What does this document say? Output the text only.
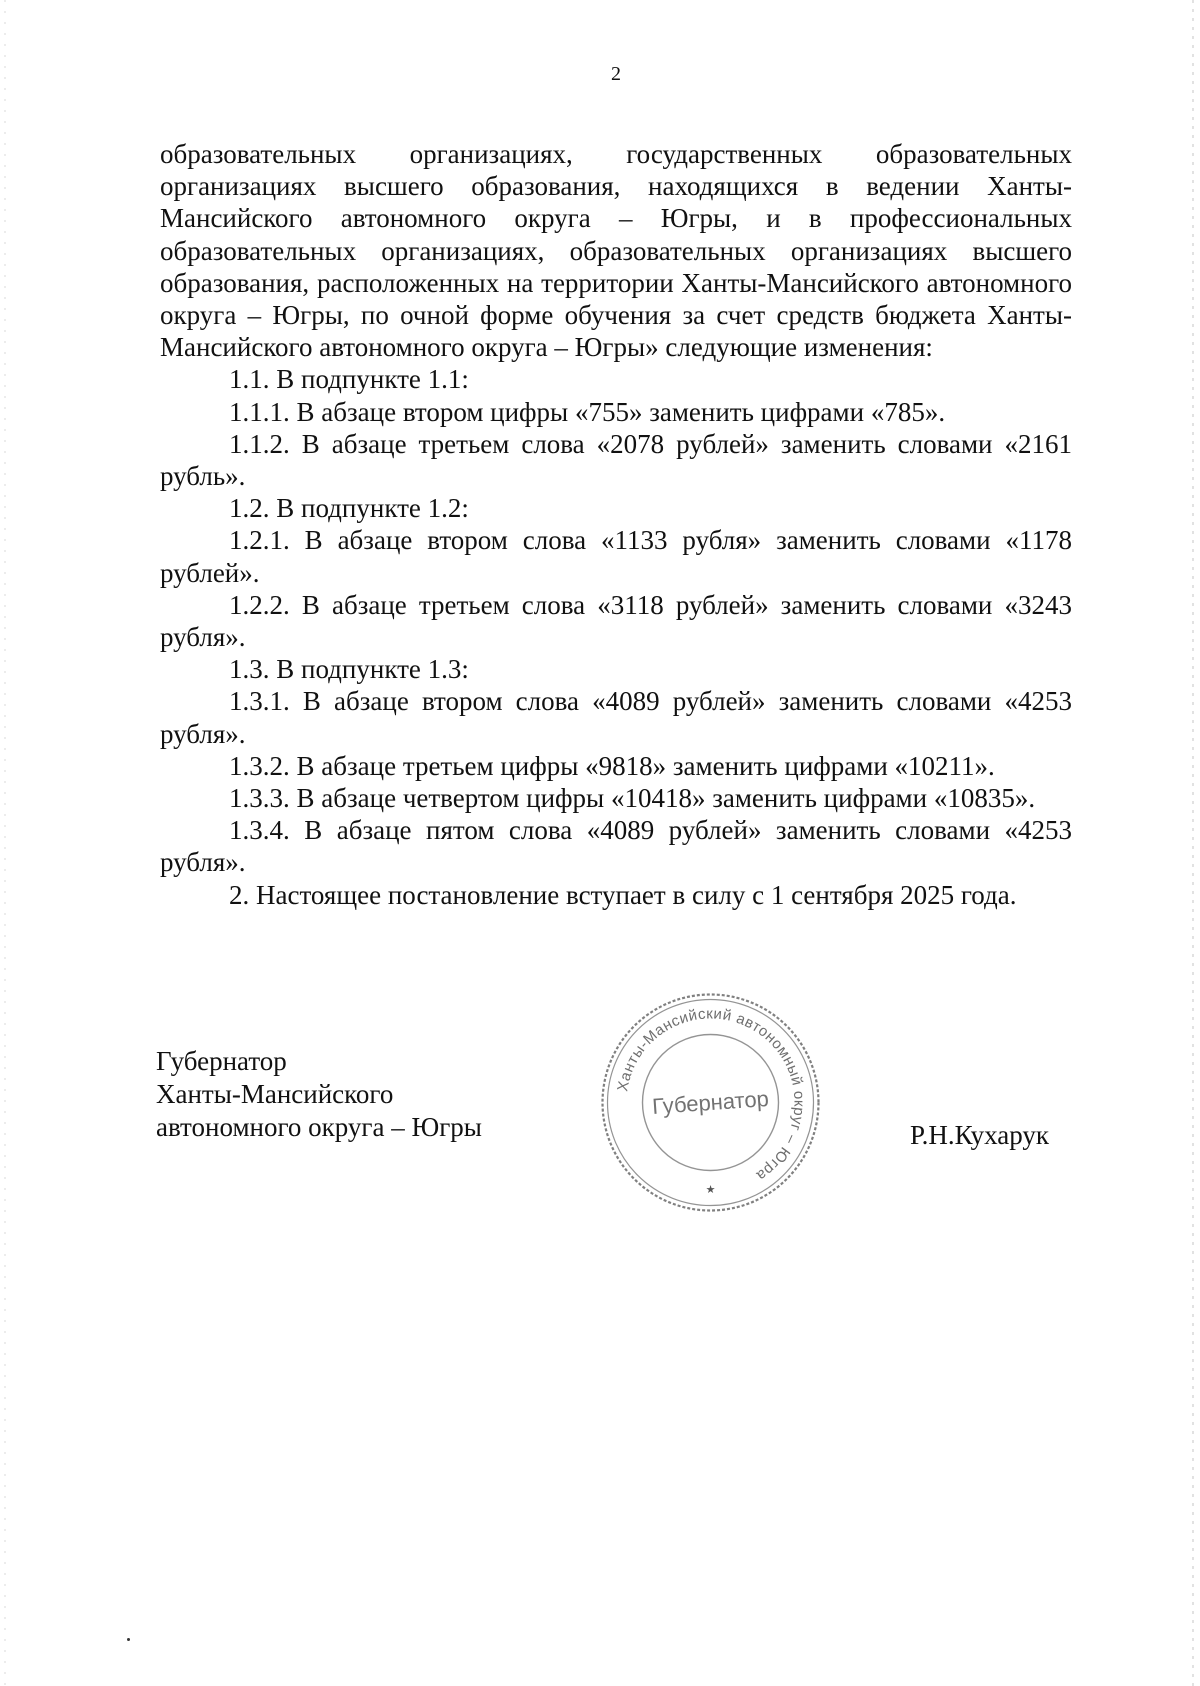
2

образовательных организациях, государственных образовательных организациях высшего образования, находящихся в ведении Ханты-Мансийского автономного округа – Югры, и в профессиональных образовательных организациях, образовательных организациях высшего образования, расположенных на территории Ханты-Мансийского автономного округа – Югры, по очной форме обучения за счет средств бюджета Ханты-Мансийского автономного округа – Югры» следующие изменения:

1.1. В подпункте 1.1:

1.1.1. В абзаце втором цифры «755» заменить цифрами «785».

1.1.2. В абзаце третьем слова «2078 рублей» заменить словами «2161 рубль».

1.2. В подпункте 1.2:

1.2.1. В абзаце втором слова «1133 рубля» заменить словами «1178 рублей».

1.2.2. В абзаце третьем слова «3118 рублей» заменить словами «3243 рубля».

1.3. В подпункте 1.3:

1.3.1. В абзаце втором слова «4089 рублей» заменить словами «4253 рубля».

1.3.2. В абзаце третьем цифры «9818» заменить цифрами «10211».

1.3.3. В абзаце четвертом цифры «10418» заменить цифрами «10835».

1.3.4. В абзаце пятом слова «4089 рублей» заменить словами «4253 рубля».

2. Настоящее постановление вступает в силу с 1 сентября 2025 года.

Губернатор
Ханты-Мансийского
автономного округа – Югры
Ханты-Мансийский автономный округ – Югра
Губернатор
★
Р.Н.Кухарук
